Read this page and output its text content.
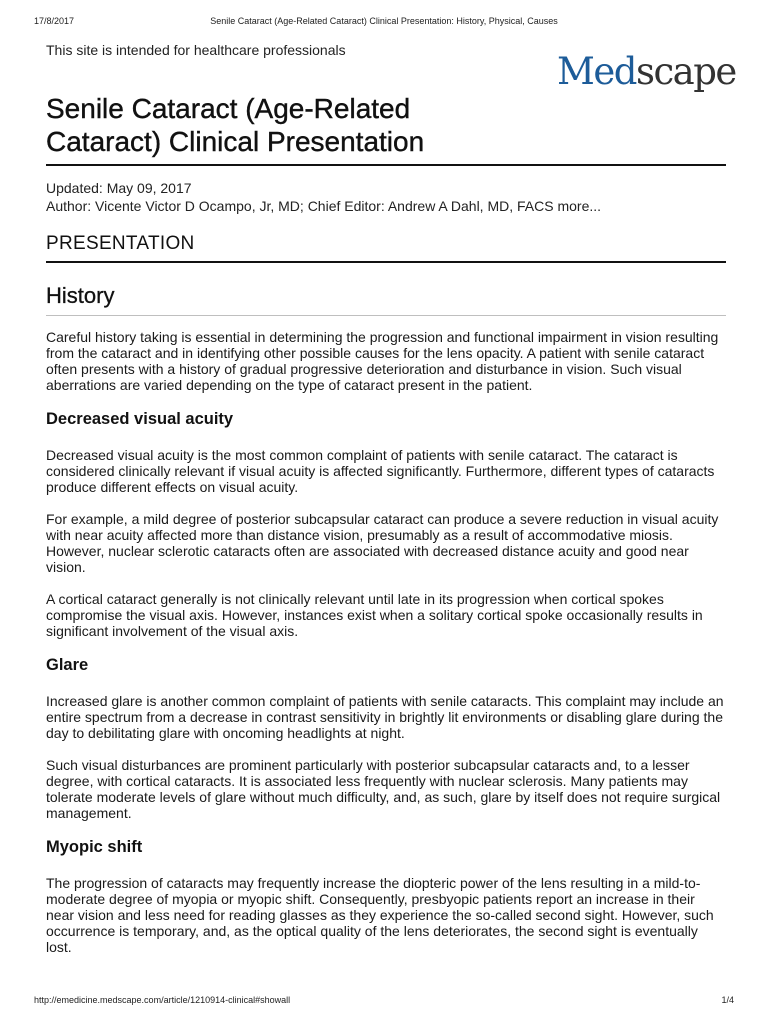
17/8/2017	Senile Cataract (Age-Related Cataract) Clinical Presentation: History, Physical, Causes
This site is intended for healthcare professionals	Medscape
Senile Cataract (Age-Related
Cataract) Clinical Presentation
Updated: May 09, 2017
Author: Vicente Victor D Ocampo, Jr, MD; Chief Editor: Andrew A Dahl, MD, FACS more...
PRESENTATION
History

Careful history taking is essential in determining the progression and functional impairment in vision resulting from the cataract and in identifying other possible causes for the lens opacity. A patient with senile cataract often presents with a history of gradual progressive deterioration and disturbance in vision. Such visual aberrations are varied depending on the type of cataract present in the patient.

Decreased visual acuity

Decreased visual acuity is the most common complaint of patients with senile cataract. The cataract is considered clinically relevant if visual acuity is affected significantly. Furthermore, different types of cataracts produce different effects on visual acuity.

For example, a mild degree of posterior subcapsular cataract can produce a severe reduction in visual acuity with near acuity affected more than distance vision, presumably as a result of accommodative miosis. However, nuclear sclerotic cataracts often are associated with decreased distance acuity and good near vision.

A cortical cataract generally is not clinically relevant until late in its progression when cortical spokes compromise the visual axis. However, instances exist when a solitary cortical spoke occasionally results in significant involvement of the visual axis.

Glare

Increased glare is another common complaint of patients with senile cataracts. This complaint may include an entire spectrum from a decrease in contrast sensitivity in brightly lit environments or disabling glare during the day to debilitating glare with oncoming headlights at night.

Such visual disturbances are prominent particularly with posterior subcapsular cataracts and, to a lesser degree, with cortical cataracts. It is associated less frequently with nuclear sclerosis. Many patients may tolerate moderate levels of glare without much difficulty, and, as such, glare by itself does not require surgical management.

Myopic shift

The progression of cataracts may frequently increase the diopteric power of the lens resulting in a mild-to-moderate degree of myopia or myopic shift. Consequently, presbyopic patients report an increase in their near vision and less need for reading glasses as they experience the so-called second sight. However, such occurrence is temporary, and, as the optical quality of the lens deteriorates, the second sight is eventually lost.

http://emedicine.medscape.com/article/1210914-clinical#showall	1/4
